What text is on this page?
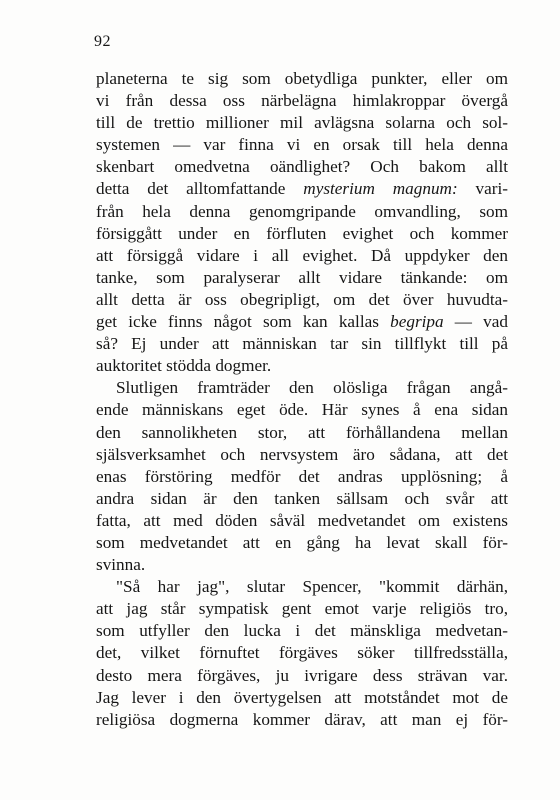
92
planeterna te sig som obetydliga punkter, eller om
vi från dessa oss närbelägna himlakroppar övergå
till de trettio millioner mil avlägsna solarna och sol-
systemen — var finna vi en orsak till hela denna
skenbart omedvetna oändlighet? Och bakom allt
detta det alltomfattande mysterium magnum: vari-
från hela denna genomgripande omvandling, som
försiggått under en förfluten evighet och kommer
att försiggå vidare i all evighet. Då uppdyker den
tanke, som paralyserar allt vidare tänkande: om
allt detta är oss obegripligt, om det över huvudta-
get icke finns något som kan kallas begripa — vad
så? Ej under att människan tar sin tillflykt till på
auktoritet stödda dogmer.
Slutligen framträder den olösliga frågan angå-
ende människans eget öde. Här synes å ena sidan
den sannolikheten stor, att förhållandena mellan
själsverksamhet och nervsystem äro sådana, att det
enas förstöring medför det andras upplösning; å
andra sidan är den tanken sällsam och svår att
fatta, att med döden såväl medvetandet om existens
som medvetandet att en gång ha levat skall för-
svinna.
"Så har jag", slutar Spencer, "kommit därhän,
att jag står sympatisk gent emot varje religiös tro,
som utfyller den lucka i det mänskliga medvetan-
det, vilket förnuftet förgäves söker tillfredsställa,
desto mera förgäves, ju ivrigare dess strävan var.
Jag lever i den övertygelsen att motståndet mot de
religiösa dogmerna kommer därav, att man ej för-
